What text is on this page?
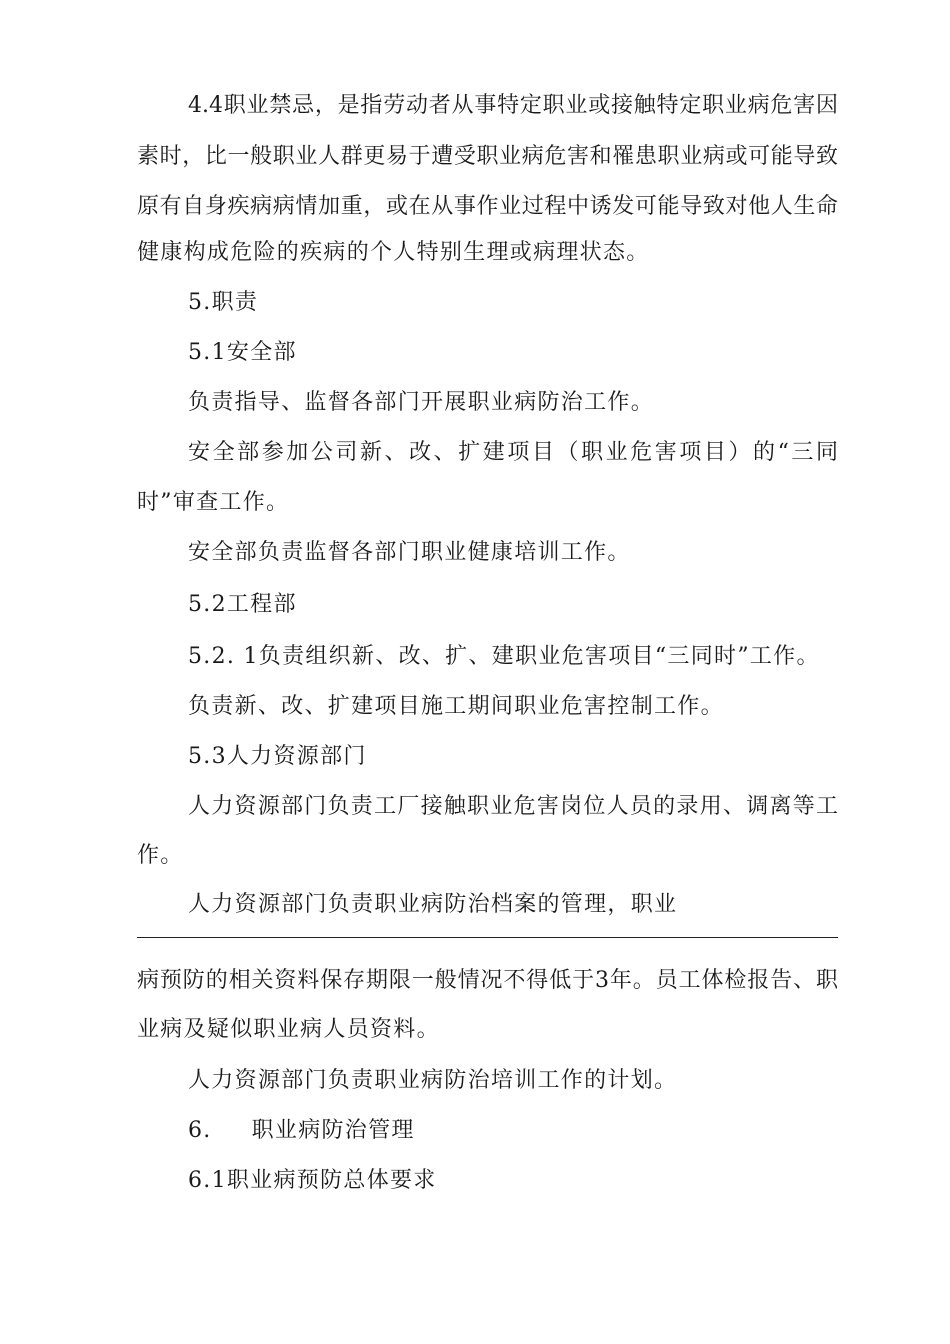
4.4职业禁忌，是指劳动者从事特定职业或接触特定职业病危害因
素时，比一般职业人群更易于遭受职业病危害和罹患职业病或可能导致
原有自身疾病病情加重，或在从事作业过程中诱发可能导致对他人生命
健康构成危险的疾病的个人特别生理或病理状态。
5.职责
5.1安全部
负责指导、监督各部门开展职业病防治工作。
安全部参加公司新、改、扩建项目（职业危害项目）的“三同
时”审查工作。
安全部负责监督各部门职业健康培训工作。
5.2工程部
5.2. 1负责组织新、改、扩、建职业危害项目“三同时”工作。
负责新、改、扩建项目施工期间职业危害控制工作。
5.3人力资源部门
人力资源部门负责工厂接触职业危害岗位人员的录用、调离等工
作。
人力资源部门负责职业病防治档案的管理，职业
病预防的相关资料保存期限一般情况不得低于3年。员工体检报告、职
业病及疑似职业病人员资料。
人力资源部门负责职业病防治培训工作的计划。
6. 职业病防治管理
6.1职业病预防总体要求
